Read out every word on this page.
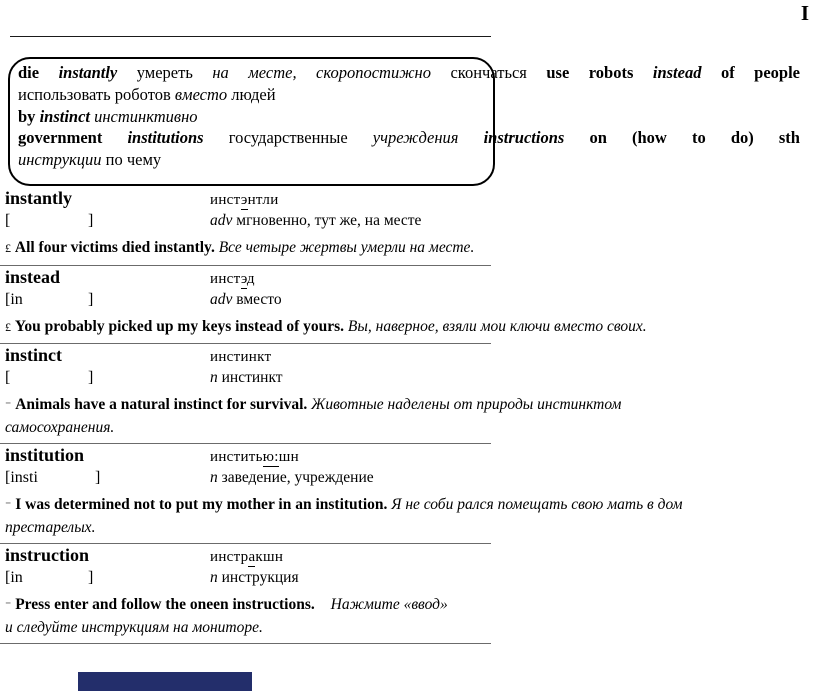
I
die instantly умереть на месте, скоропостижно скончаться use robots instead of people
использовать роботов вместо людей
by instinct инстинктивно
government institutions государственные учреждения instructions on (how to do) sth
инструкции по чему
instantly	инстэнтли
[	]	adv мгновенно, тут же, на месте
£ All four victims died instantly. Все четыре жертвы умерли на месте.
instead	инстэд
[in	]	adv вместо
£ You probably picked up my keys instead of yours. Вы, наверное, взяли мои ключи вместо своих.
instinct	инстинкт
[	]	n инстинкт
⁻ Animals have a natural instinct for survival. Животные наделены от природы инстинктом
самосохранения.
institution	инститью:шн
[insti	]	n заведение, учреждение
⁻ I was determined not to put my mother in an institution. Я не соби рался помещать свою мать в дом
престарелых.
instruction	инстракшн
[in	]	n инструкция
⁻ Press enter and follow the oneen instructions. Нажмите «ввод»
и следуйте инструкциям на мониторе.
